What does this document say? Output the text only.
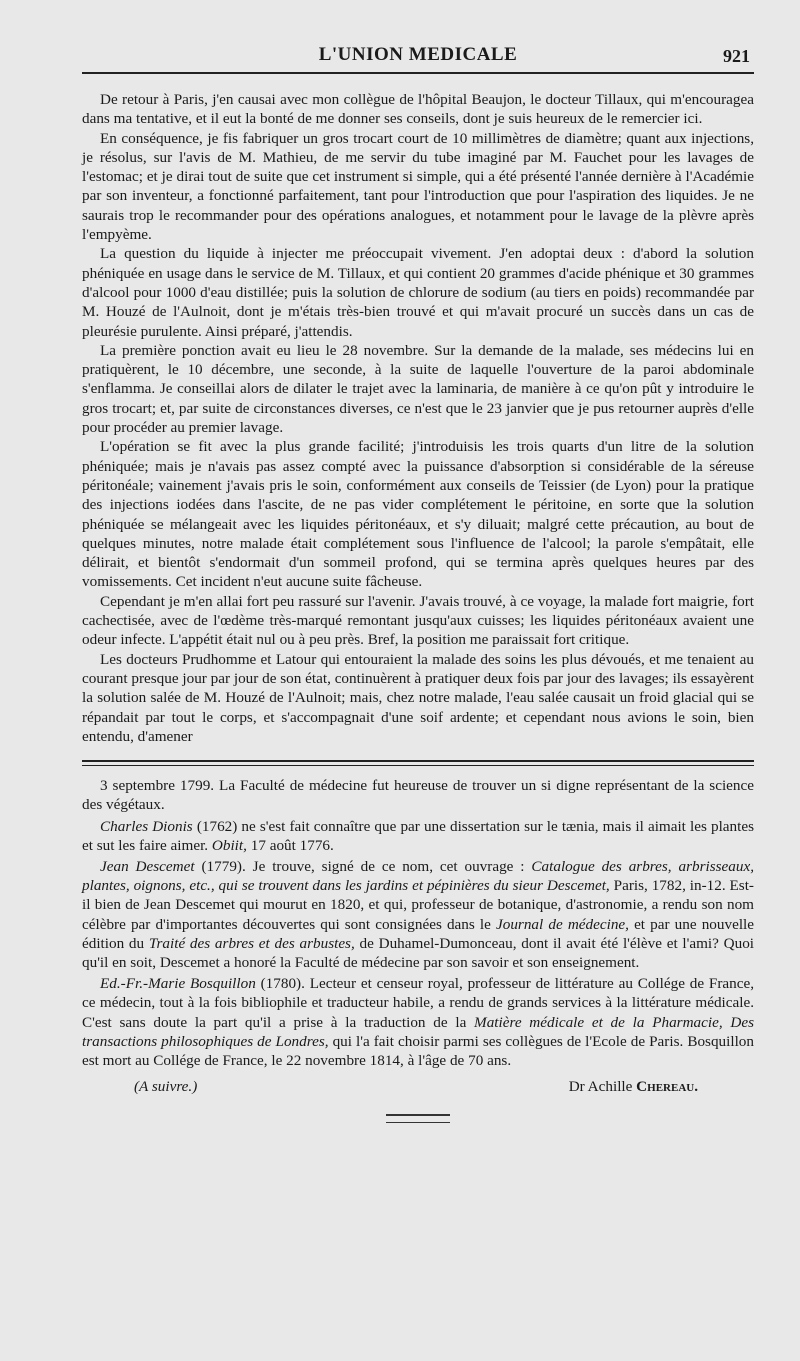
L'UNION MEDICALE	921

De retour à Paris, j'en causai avec mon collègue de l'hôpital Beaujon, le docteur Tillaux, qui m'encouragea dans ma tentative, et il eut la bonté de me donner ses conseils, dont je suis heureux de le remercier ici.

En conséquence, je fis fabriquer un gros trocart court de 10 millimètres de diamètre; quant aux injections, je résolus, sur l'avis de M. Mathieu, de me servir du tube imaginé par M. Fauchet pour les lavages de l'estomac; et je dirai tout de suite que cet instrument si simple, qui a été présenté l'année dernière à l'Académie par son inventeur, a fonctionné parfaitement, tant pour l'introduction que pour l'aspiration des liquides. Je ne saurais trop le recommander pour des opérations analogues, et notamment pour le lavage de la plèvre après l'empyème.

La question du liquide à injecter me préoccupait vivement. J'en adoptai deux : d'abord la solution phéniquée en usage dans le service de M. Tillaux, et qui contient 20 grammes d'acide phénique et 30 grammes d'alcool pour 1000 d'eau distillée; puis la solution de chlorure de sodium (au tiers en poids) recommandée par M. Houzé de l'Aulnoit, dont je m'étais très-bien trouvé et qui m'avait procuré un succès dans un cas de pleurésie purulente. Ainsi préparé, j'attendis.

La première ponction avait eu lieu le 28 novembre. Sur la demande de la malade, ses médecins lui en pratiquèrent, le 10 décembre, une seconde, à la suite de laquelle l'ouverture de la paroi abdominale s'enflamma. Je conseillai alors de dilater le trajet avec la laminaria, de manière à ce qu'on pût y introduire le gros trocart; et, par suite de circonstances diverses, ce n'est que le 23 janvier que je pus retourner auprès d'elle pour procéder au premier lavage.

L'opération se fit avec la plus grande facilité; j'introduisis les trois quarts d'un litre de la solution phéniquée; mais je n'avais pas assez compté avec la puissance d'absorption si considérable de la séreuse péritonéale; vainement j'avais pris le soin, conformément aux conseils de Teissier (de Lyon) pour la pratique des injections iodées dans l'ascite, de ne pas vider complétement le péritoine, en sorte que la solution phéniquée se mélangeait avec les liquides péritonéaux, et s'y diluait; malgré cette précaution, au bout de quelques minutes, notre malade était complétement sous l'influence de l'alcool; la parole s'empâtait, elle délirait, et bientôt s'endormait d'un sommeil profond, qui se termina après quelques heures par des vomissements. Cet incident n'eut aucune suite fâcheuse.

Cependant je m'en allai fort peu rassuré sur l'avenir. J'avais trouvé, à ce voyage, la malade fort maigrie, fort cachectisée, avec de l'œdème très-marqué remontant jusqu'aux cuisses; les liquides péritonéaux avaient une odeur infecte. L'appétit était nul ou à peu près. Bref, la position me paraissait fort critique.

Les docteurs Prudhomme et Latour qui entouraient la malade des soins les plus dévoués, et me tenaient au courant presque jour par jour de son état, continuèrent à pratiquer deux fois par jour des lavages; ils essayèrent la solution salée de M. Houzé de l'Aulnoit; mais, chez notre malade, l'eau salée causait un froid glacial qui se répandait par tout le corps, et s'accompagnait d'une soif ardente; et cependant nous avions le soin, bien entendu, d'amener

3 septembre 1799. La Faculté de médecine fut heureuse de trouver un si digne représentant de la science des végétaux.

Charles Dionis (1762) ne s'est fait connaître que par une dissertation sur le tænia, mais il aimait les plantes et sut les faire aimer. Obiit, 17 août 1776.

Jean Descemet (1779). Je trouve, signé de ce nom, cet ouvrage : Catalogue des arbres, arbrisseaux, plantes, oignons, etc., qui se trouvent dans les jardins et pépinières du sieur Descemet, Paris, 1782, in-12. Est-il bien de Jean Descemet qui mourut en 1820, et qui, professeur de botanique, d'astronomie, a rendu son nom célèbre par d'importantes découvertes qui sont consignées dans le Journal de médecine, et par une nouvelle édition du Traité des arbres et des arbustes, de Duhamel-Dumonceau, dont il avait été l'élève et l'ami? Quoi qu'il en soit, Descemet a honoré la Faculté de médecine par son savoir et son enseignement.

Ed.-Fr.-Marie Bosquillon (1780). Lecteur et censeur royal, professeur de littérature au Collége de France, ce médecin, tout à la fois bibliophile et traducteur habile, a rendu de grands services à la littérature médicale. C'est sans doute la part qu'il a prise à la traduction de la Matière médicale et de la Pharmacie, Des transactions philosophiques de Londres, qui l'a fait choisir parmi ses collègues de l'Ecole de Paris. Bosquillon est mort au Collége de France, le 22 novembre 1814, à l'âge de 70 ans.

(A suivre.)	Dr Achille Chereau.
